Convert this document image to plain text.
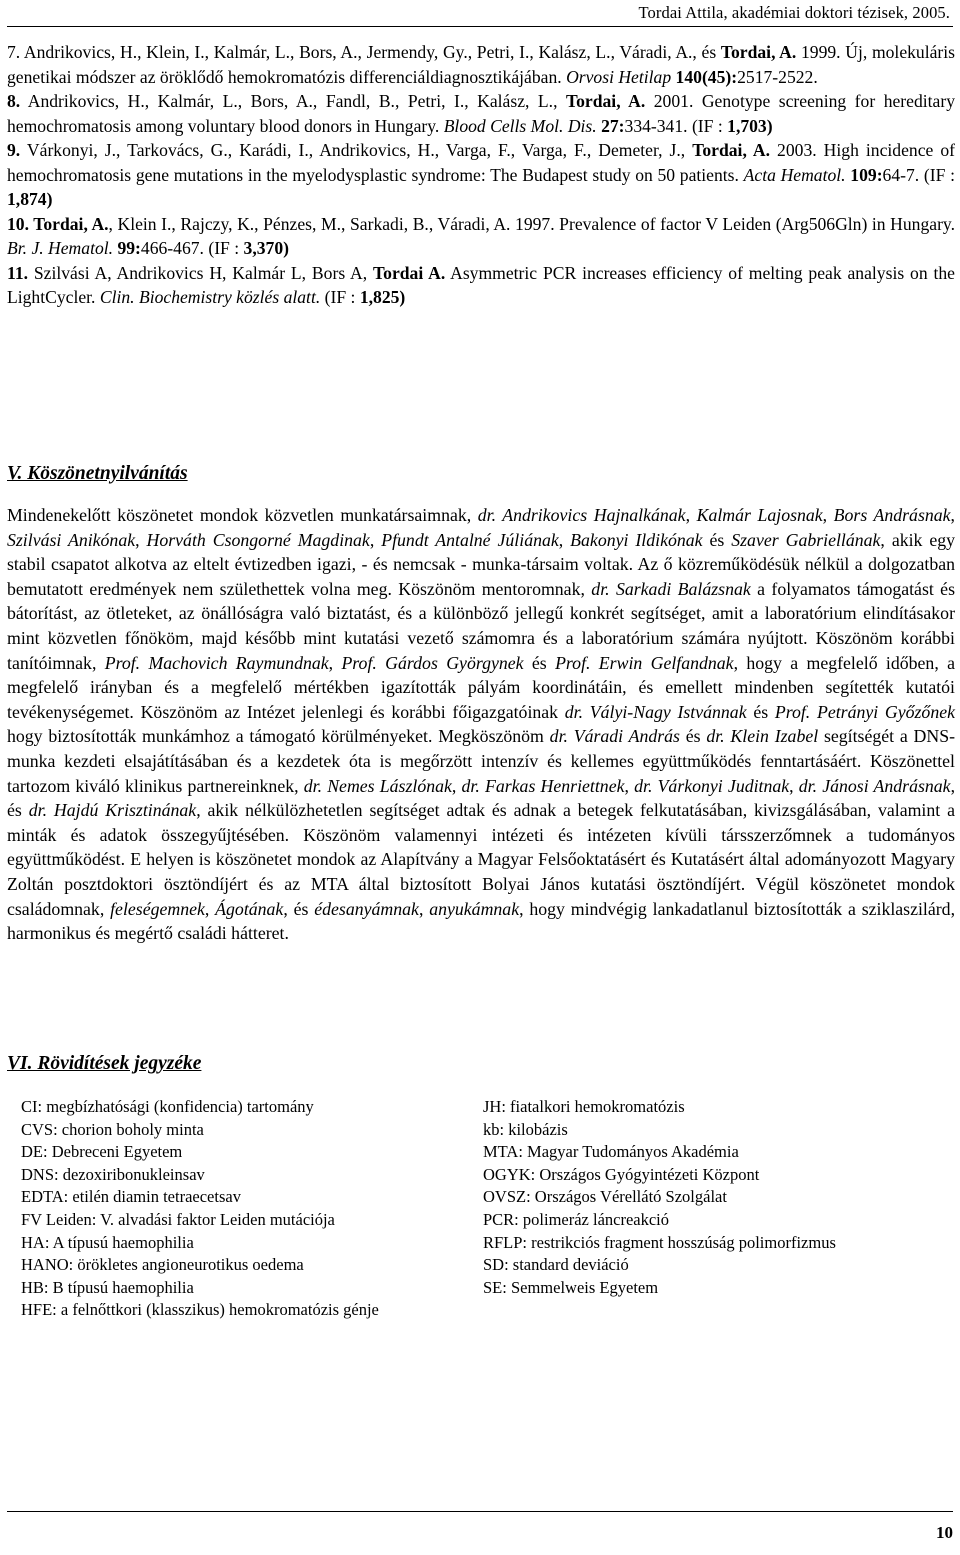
Tordai Attila, akadémiai doktori tézisek, 2005.
7. Andrikovics, H., Klein, I., Kalmár, L., Bors, A., Jermendy, Gy., Petri, I., Kalász, L., Váradi, A., és Tordai, A. 1999. Új, molekuláris genetikai módszer az öröklődő hemokromatózis differenciáldiagnosztikájában. Orvosi Hetilap 140(45):2517-2522.
8. Andrikovics, H., Kalmár, L., Bors, A., Fandl, B., Petri, I., Kalász, L., Tordai, A. 2001. Genotype screening for hereditary hemochromatosis among voluntary blood donors in Hungary. Blood Cells Mol. Dis. 27:334-341. (IF : 1,703)
9. Várkonyi, J., Tarkovács, G., Karádi, I., Andrikovics, H., Varga, F., Varga, F., Demeter, J., Tordai, A. 2003. High incidence of hemochromatosis gene mutations in the myelodysplastic syndrome: The Budapest study on 50 patients. Acta Hematol. 109:64-7. (IF : 1,874)
10. Tordai, A., Klein I., Rajczy, K., Pénzes, M., Sarkadi, B., Váradi, A. 1997. Prevalence of factor V Leiden (Arg506Gln) in Hungary. Br. J. Hematol. 99:466-467. (IF : 3,370)
11. Szilvási A, Andrikovics H, Kalmár L, Bors A, Tordai A. Asymmetric PCR increases efficiency of melting peak analysis on the LightCycler. Clin. Biochemistry közlés alatt. (IF : 1,825)
V. Köszönetnyilvánítás
Mindenekelőtt köszönetet mondok közvetlen munkatársaimnak, dr. Andrikovics Hajnalkának, Kalmár Lajosnak, Bors Andrásnak, Szilvási Anikónak, Horváth Csongorné Magdinak, Pfundt Antalné Júliának, Bakonyi Ildikónak és Szaver Gabriellának, akik egy stabil csapatot alkotva az eltelt évtizedben igazi, - és nemcsak - munka-társaim voltak. Az ő közreműködésük nélkül a dolgozatban bemutatott eredmények nem születhettek volna meg. Köszönöm mentoromnak, dr. Sarkadi Balázsnak a folyamatos támogatást és bátorítást, az ötleteket, az önállóságra való biztatást, és a különböző jellegű konkrét segítséget, amit a laboratórium elindításakor mint közvetlen főnököm, majd később mint kutatási vezető számomra és a laboratórium számára nyújtott. Köszönöm korábbi tanítóimnak, Prof. Machovich Raymundnak, Prof. Gárdos Györgynek és Prof. Erwin Gelfandnak, hogy a megfelelő időben, a megfelelő irányban és a megfelelő mértékben igazították pályám koordinátáin, és emellett mindenben segítették kutatói tevékenységemet. Köszönöm az Intézet jelenlegi és korábbi főigazgatóinak dr. Vályi-Nagy Istvánnak és Prof. Petrányi Győzőnek hogy biztosították munkámhoz a támogató körülményeket. Megköszönöm dr. Váradi András és dr. Klein Izabel segítségét a DNS-munka kezdeti elsajátításában és a kezdetek óta is megőrzött intenzív és kellemes együttműködés fenntartásáért. Köszönettel tartozom kiváló klinikus partnereinknek, dr. Nemes Lászlónak, dr. Farkas Henriettnek, dr. Várkonyi Juditnak, dr. Jánosi Andrásnak, és dr. Hajdú Krisztinának, akik nélkülözhetetlen segítséget adtak és adnak a betegek felkutatásában, kivizsgálásában, valamint a minták és adatok összegyűjtésében. Köszönöm valamennyi intézeti és intézeten kívüli társszerzőmnek a tudományos együttműködést. E helyen is köszönetet mondok az Alapítvány a Magyar Felsőoktatásért és Kutatásért által adományozott Magyary Zoltán posztdoktori ösztöndíjért és az MTA által biztosított Bolyai János kutatási ösztöndíjért. Végül köszönetet mondok családomnak, feleségemnek, Ágotának, és édesanyámnak, anyukámnak, hogy mindvégig lankadatlanul biztosították a sziklaszilárd, harmonikus és megértő családi hátteret.
VI. Rövidítések jegyzéke
CI: megbízhatósági (konfidencia) tartomány
CVS: chorion boholy minta
DE: Debreceni Egyetem
DNS: dezoxiribonukleinsav
EDTA: etilén diamin tetraecetsav
FV Leiden: V. alvadási faktor Leiden mutációja
HA: A típusú haemophilia
HANO: örökletes angioneurotikus oedema
HB: B típusú haemophilia
HFE: a felnőttkori (klasszikus) hemokromatózis génje
JH: fiatalkori hemokromatózis
kb: kilobázis
MTA: Magyar Tudományos Akadémia
OGYK: Országos Gyógyintézeti Központ
OVSZ: Országos Vérellátó Szolgálat
PCR: polimeráz láncreakció
RFLP: restrikciós fragment hosszúság polimorfizmus
SD: standard deviáció
SE: Semmelweis Egyetem
10
